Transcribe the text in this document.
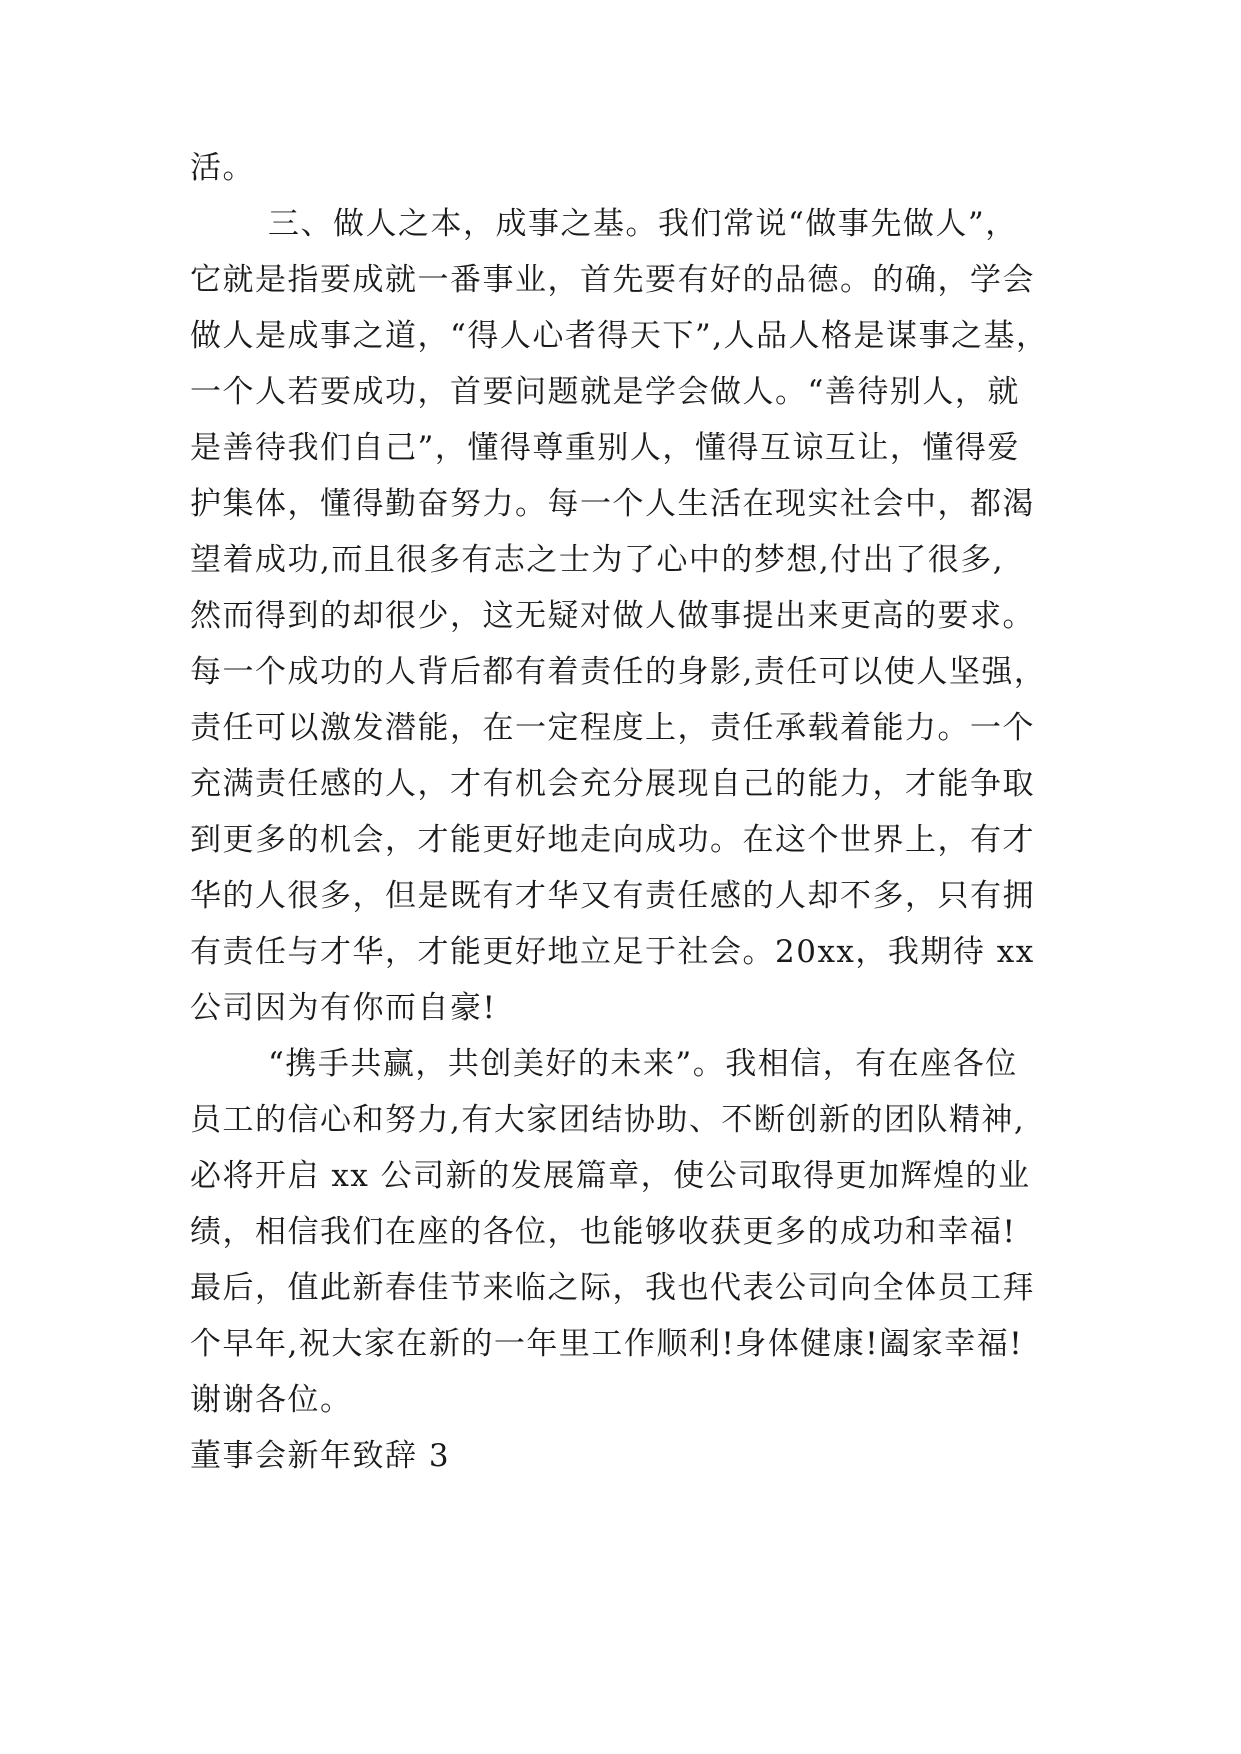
活。

三、做人之本，成事之基。我们常说“做事先做人”，

它就是指要成就一番事业，首先要有好的品德。的确，学会

做人是成事之道，“得人心者得天下”,人品人格是谋事之基，

一个人若要成功，首要问题就是学会做人。“善待别人，就

是善待我们自己”，懂得尊重别人，懂得互谅互让，懂得爱

护集体，懂得勤奋努力。每一个人生活在现实社会中，都渴

望着成功,而且很多有志之士为了心中的梦想,付出了很多,

然而得到的却很少，这无疑对做人做事提出来更高的要求。

每一个成功的人背后都有着责任的身影,责任可以使人坚强，

责任可以激发潜能，在一定程度上，责任承载着能力。一个

充满责任感的人，才有机会充分展现自己的能力，才能争取

到更多的机会，才能更好地走向成功。在这个世界上，有才

华的人很多，但是既有才华又有责任感的人却不多，只有拥

有责任与才华，才能更好地立足于社会。20xx，我期待 xx

公司因为有你而自豪!

“携手共赢，共创美好的未来”。我相信，有在座各位

员工的信心和努力,有大家团结协助、不断创新的团队精神,

必将开启 xx 公司新的发展篇章，使公司取得更加辉煌的业

绩，相信我们在座的各位，也能够收获更多的成功和幸福!

最后，值此新春佳节来临之际，我也代表公司向全体员工拜

个早年,祝大家在新的一年里工作顺利!身体健康!阖家幸福!

谢谢各位。

董事会新年致辞 3
